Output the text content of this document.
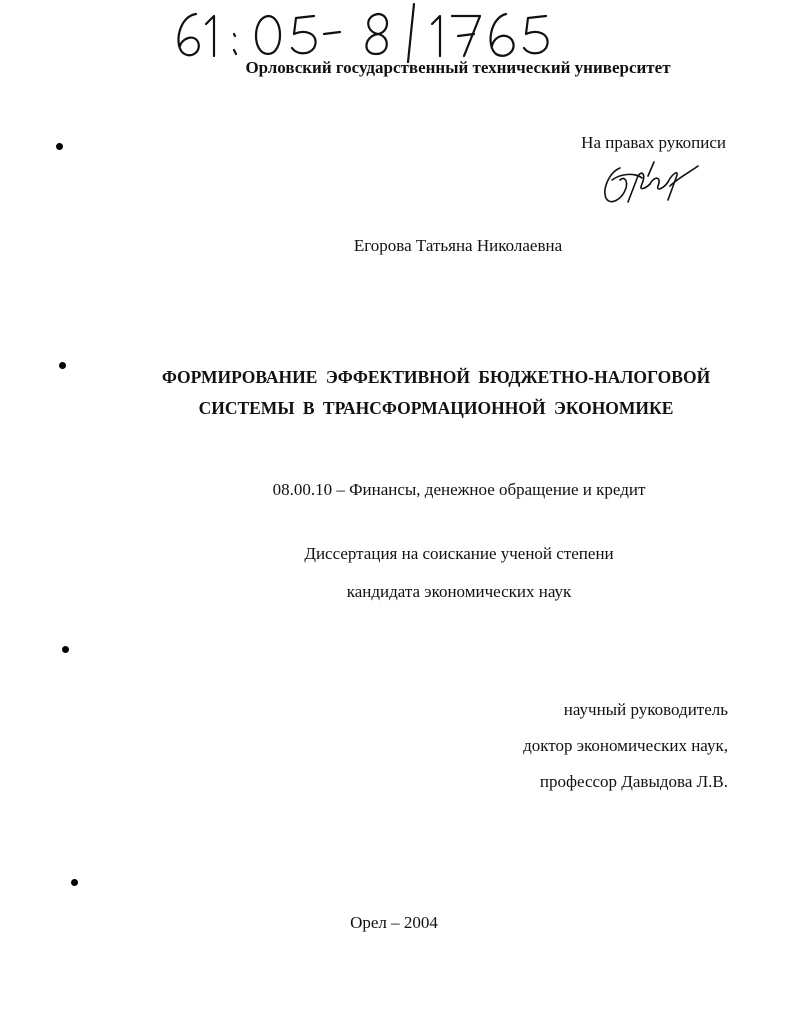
Орловский государственный технический университет
На правах рукописи
Егорова Татьяна Николаевна
ФОРМИРОВАНИЕ ЭФФЕКТИВНОЙ БЮДЖЕТНО-НАЛОГОВОЙ
СИСТЕМЫ В ТРАНСФОРМАЦИОННОЙ ЭКОНОМИКЕ
08.00.10 – Финансы, денежное обращение и кредит
Диссертация на соискание ученой степени
кандидата экономических наук
научный руководитель
доктор экономических наук,
профессор Давыдова Л.В.
Орел – 2004
